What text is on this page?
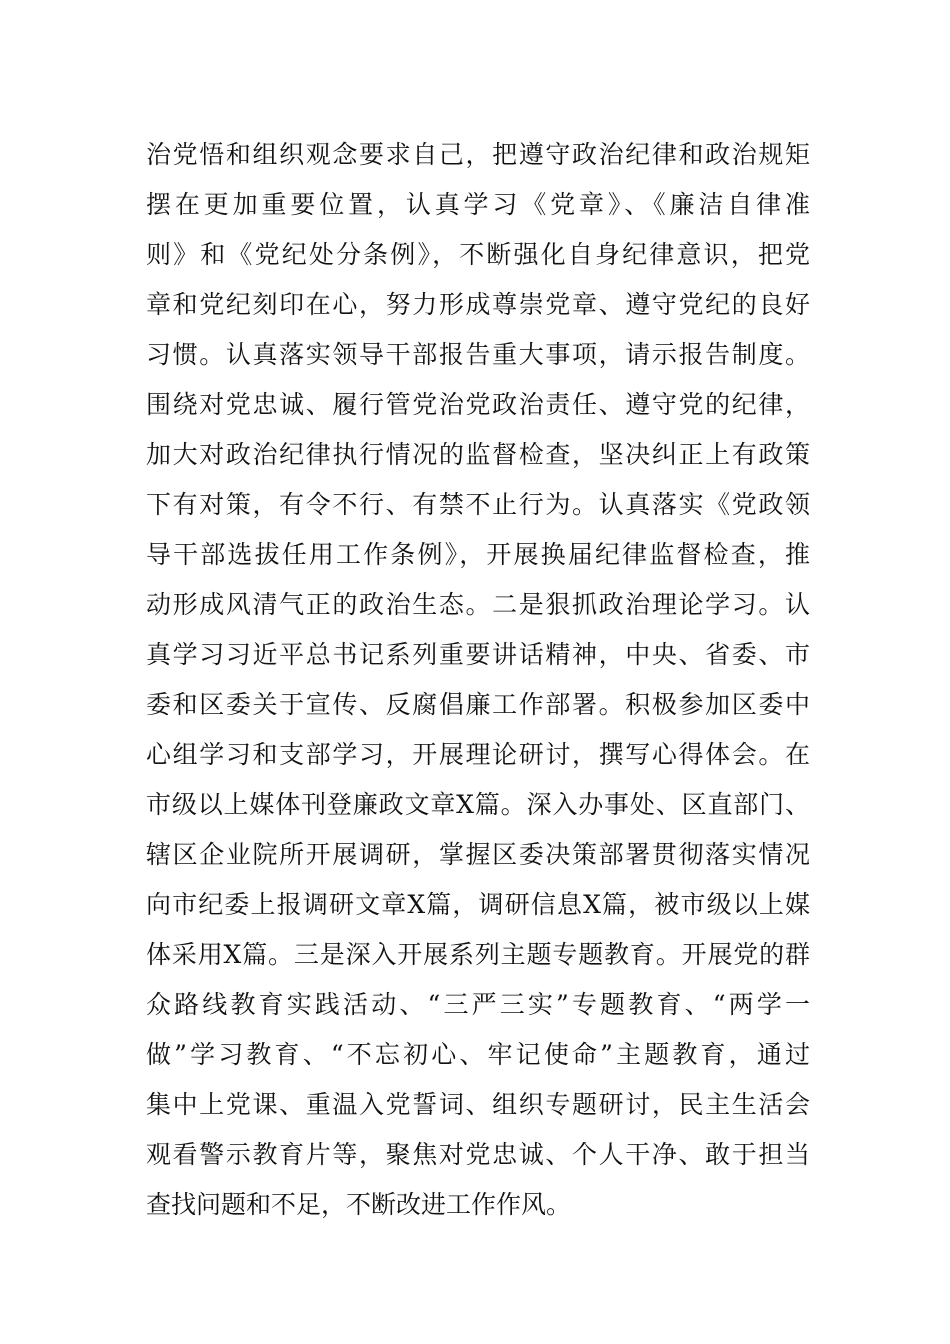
治党悟和组织观念要求自己，把遵守政治纪律和政治规矩
摆在更加重要位置，认真学习《党章》、《廉洁自律准
则》和《党纪处分条例》，不断强化自身纪律意识，把党
章和党纪刻印在心，努力形成尊崇党章、遵守党纪的良好
习惯。认真落实领导干部报告重大事项，请示报告制度。
围绕对党忠诚、履行管党治党政治责任、遵守党的纪律，
加大对政治纪律执行情况的监督检查，坚决纠正上有政策
下有对策，有令不行、有禁不止行为。认真落实《党政领
导干部选拔任用工作条例》，开展换届纪律监督检查，推
动形成风清气正的政治生态。二是狠抓政治理论学习。认
真学习习近平总书记系列重要讲话精神，中央、省委、市
委和区委关于宣传、反腐倡廉工作部署。积极参加区委中
心组学习和支部学习，开展理论研讨，撰写心得体会。在
市级以上媒体刊登廉政文章X篇。深入办事处、区直部门、
辖区企业院所开展调研，掌握区委决策部署贯彻落实情况
向市纪委上报调研文章X篇，调研信息X篇，被市级以上媒
体采用X篇。三是深入开展系列主题专题教育。开展党的群
众路线教育实践活动、“三严三实”专题教育、“两学一
做”学习教育、“不忘初心、牢记使命”主题教育，通过
集中上党课、重温入党誓词、组织专题研讨，民主生活会
观看警示教育片等，聚焦对党忠诚、个人干净、敢于担当
查找问题和不足，不断改进工作作风。
